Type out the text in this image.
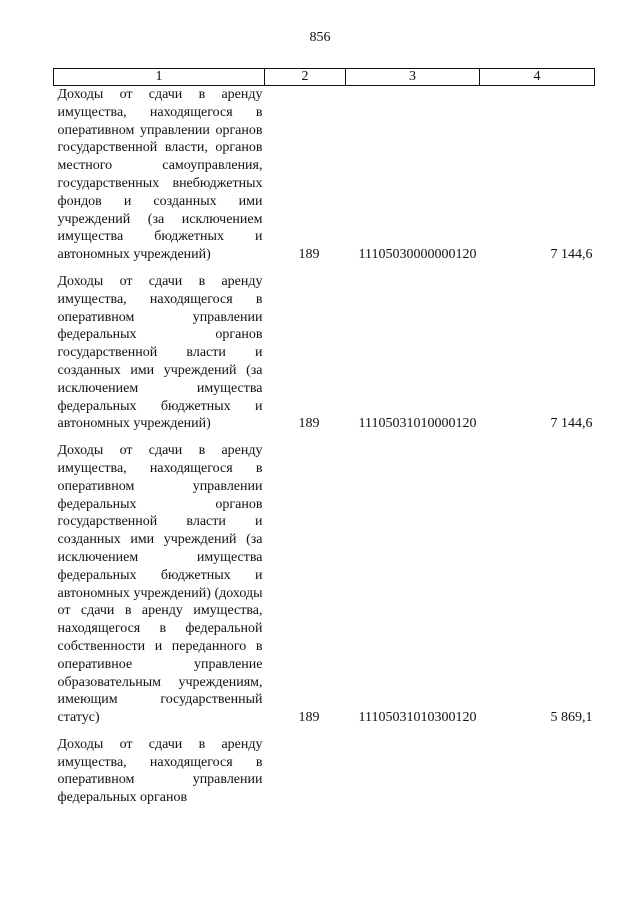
856
1	2	3	4
Доходы от сдачи в аренду имущества, находящегося в оперативном управлении органов государственной власти, органов местного самоуправления, государственных внебюджетных фондов и созданных ими учреждений (за исключением имущества бюджетных и автономных учреждений)	189	11105030000000120	7 144,6
Доходы от сдачи в аренду имущества, находящегося в оперативном управлении федеральных органов государственной власти и созданных ими учреждений (за исключением имущества федеральных бюджетных и автономных учреждений)	189	11105031010000120	7 144,6
Доходы от сдачи в аренду имущества, находящегося в оперативном управлении федеральных органов государственной власти и созданных ими учреждений (за исключением имущества федеральных бюджетных и автономных учреждений) (доходы от сдачи в аренду имущества, находящегося в федеральной собственности и переданного в оперативное управление образовательным учреждениям, имеющим государственный статус)	189	11105031010300120	5 869,1
Доходы от сдачи в аренду имущества, находящегося в оперативном управлении федеральных органов			
